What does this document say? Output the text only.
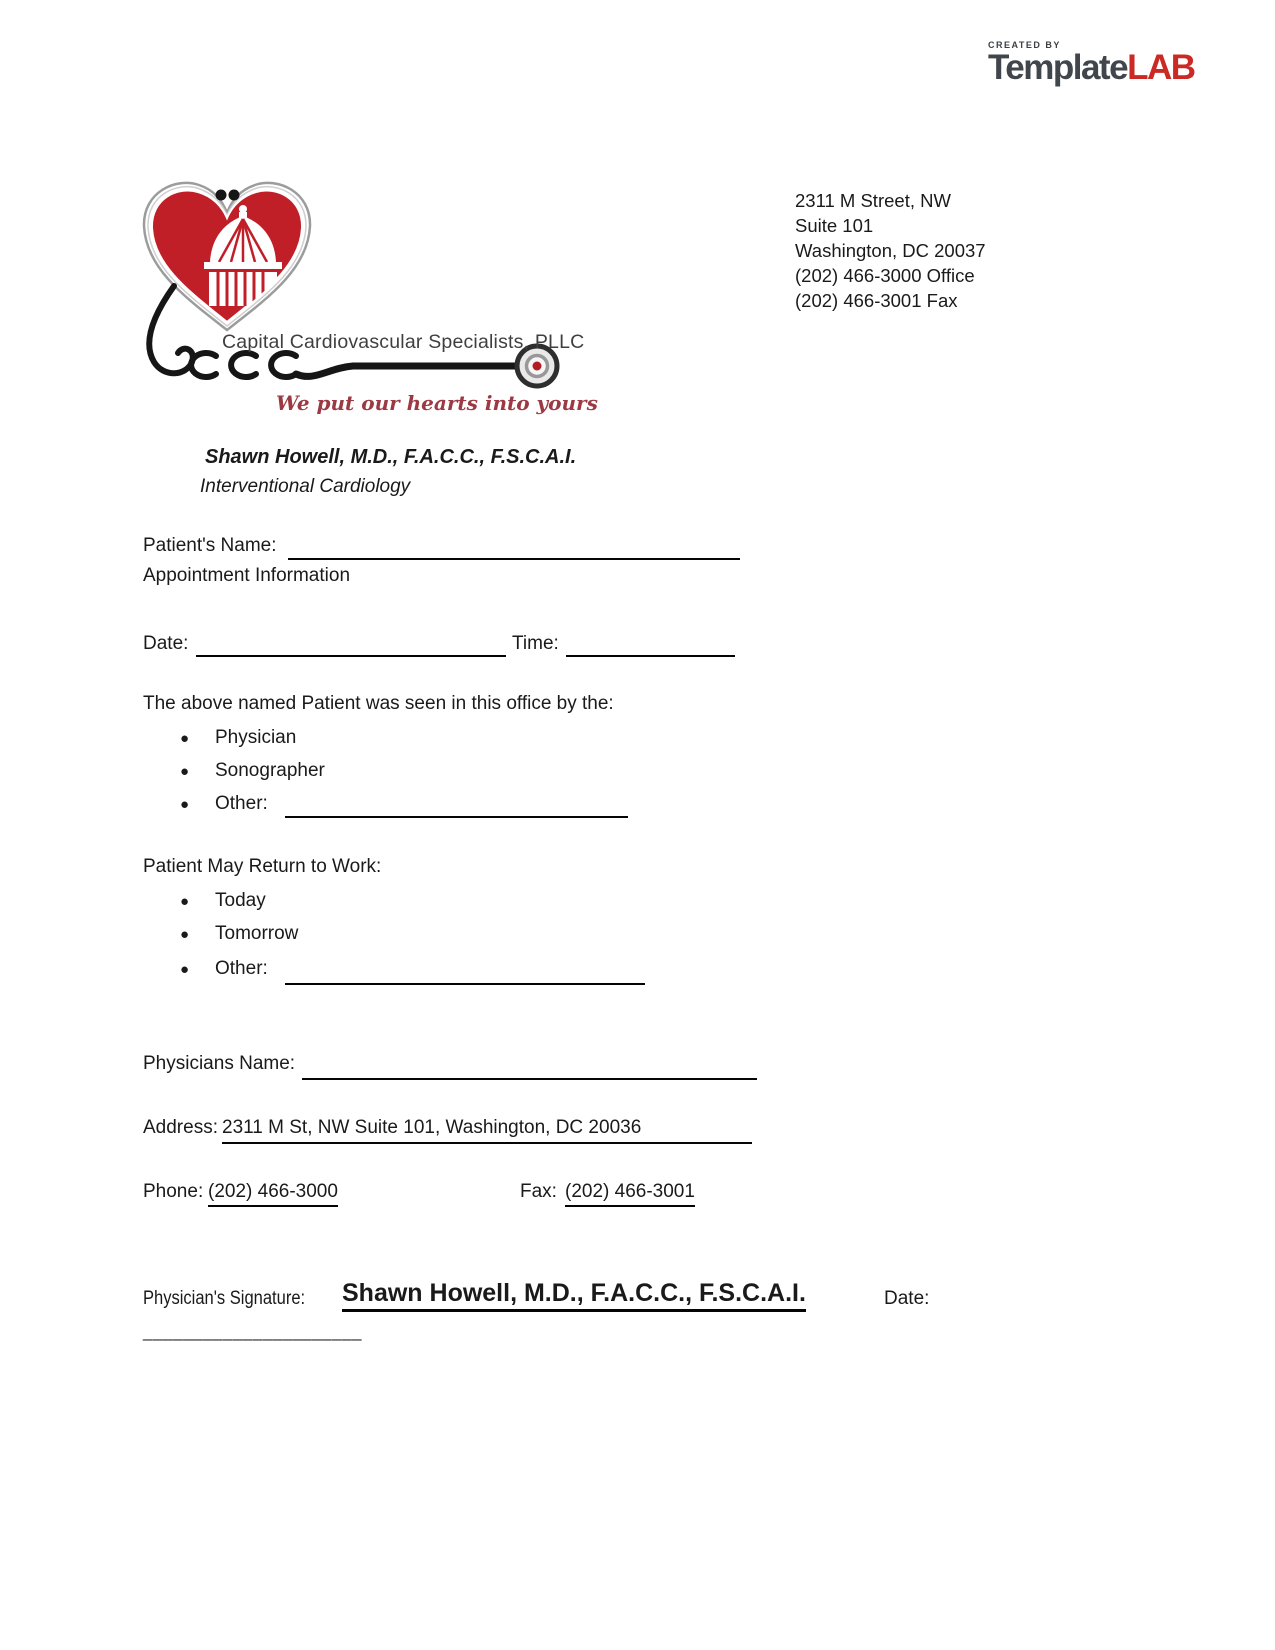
CREATED BY
TemplateLAB
Capital Cardiovascular Specialists, PLLC
We put our hearts into yours
2311 M Street, NW
Suite 101
Washington, DC 20037
(202) 466-3000 Office
(202) 466-3001 Fax
Shawn Howell, M.D., F.A.C.C., F.S.C.A.I.
Interventional Cardiology
Patient's Name:
Appointment Information
Date:	Time:
The above named Patient was seen in this office by the:
● Physician
● Sonographer
● Other:
Patient May Return to Work:
● Today
● Tomorrow
● Other:
Physicians Name:
Address: 2311 M St, NW Suite 101, Washington, DC 20036
Phone: (202) 466-3000	Fax: (202) 466-3001
Physician's Signature:	Shawn Howell, M.D., F.A.C.C., F.S.C.A.I.	Date:
______________________
